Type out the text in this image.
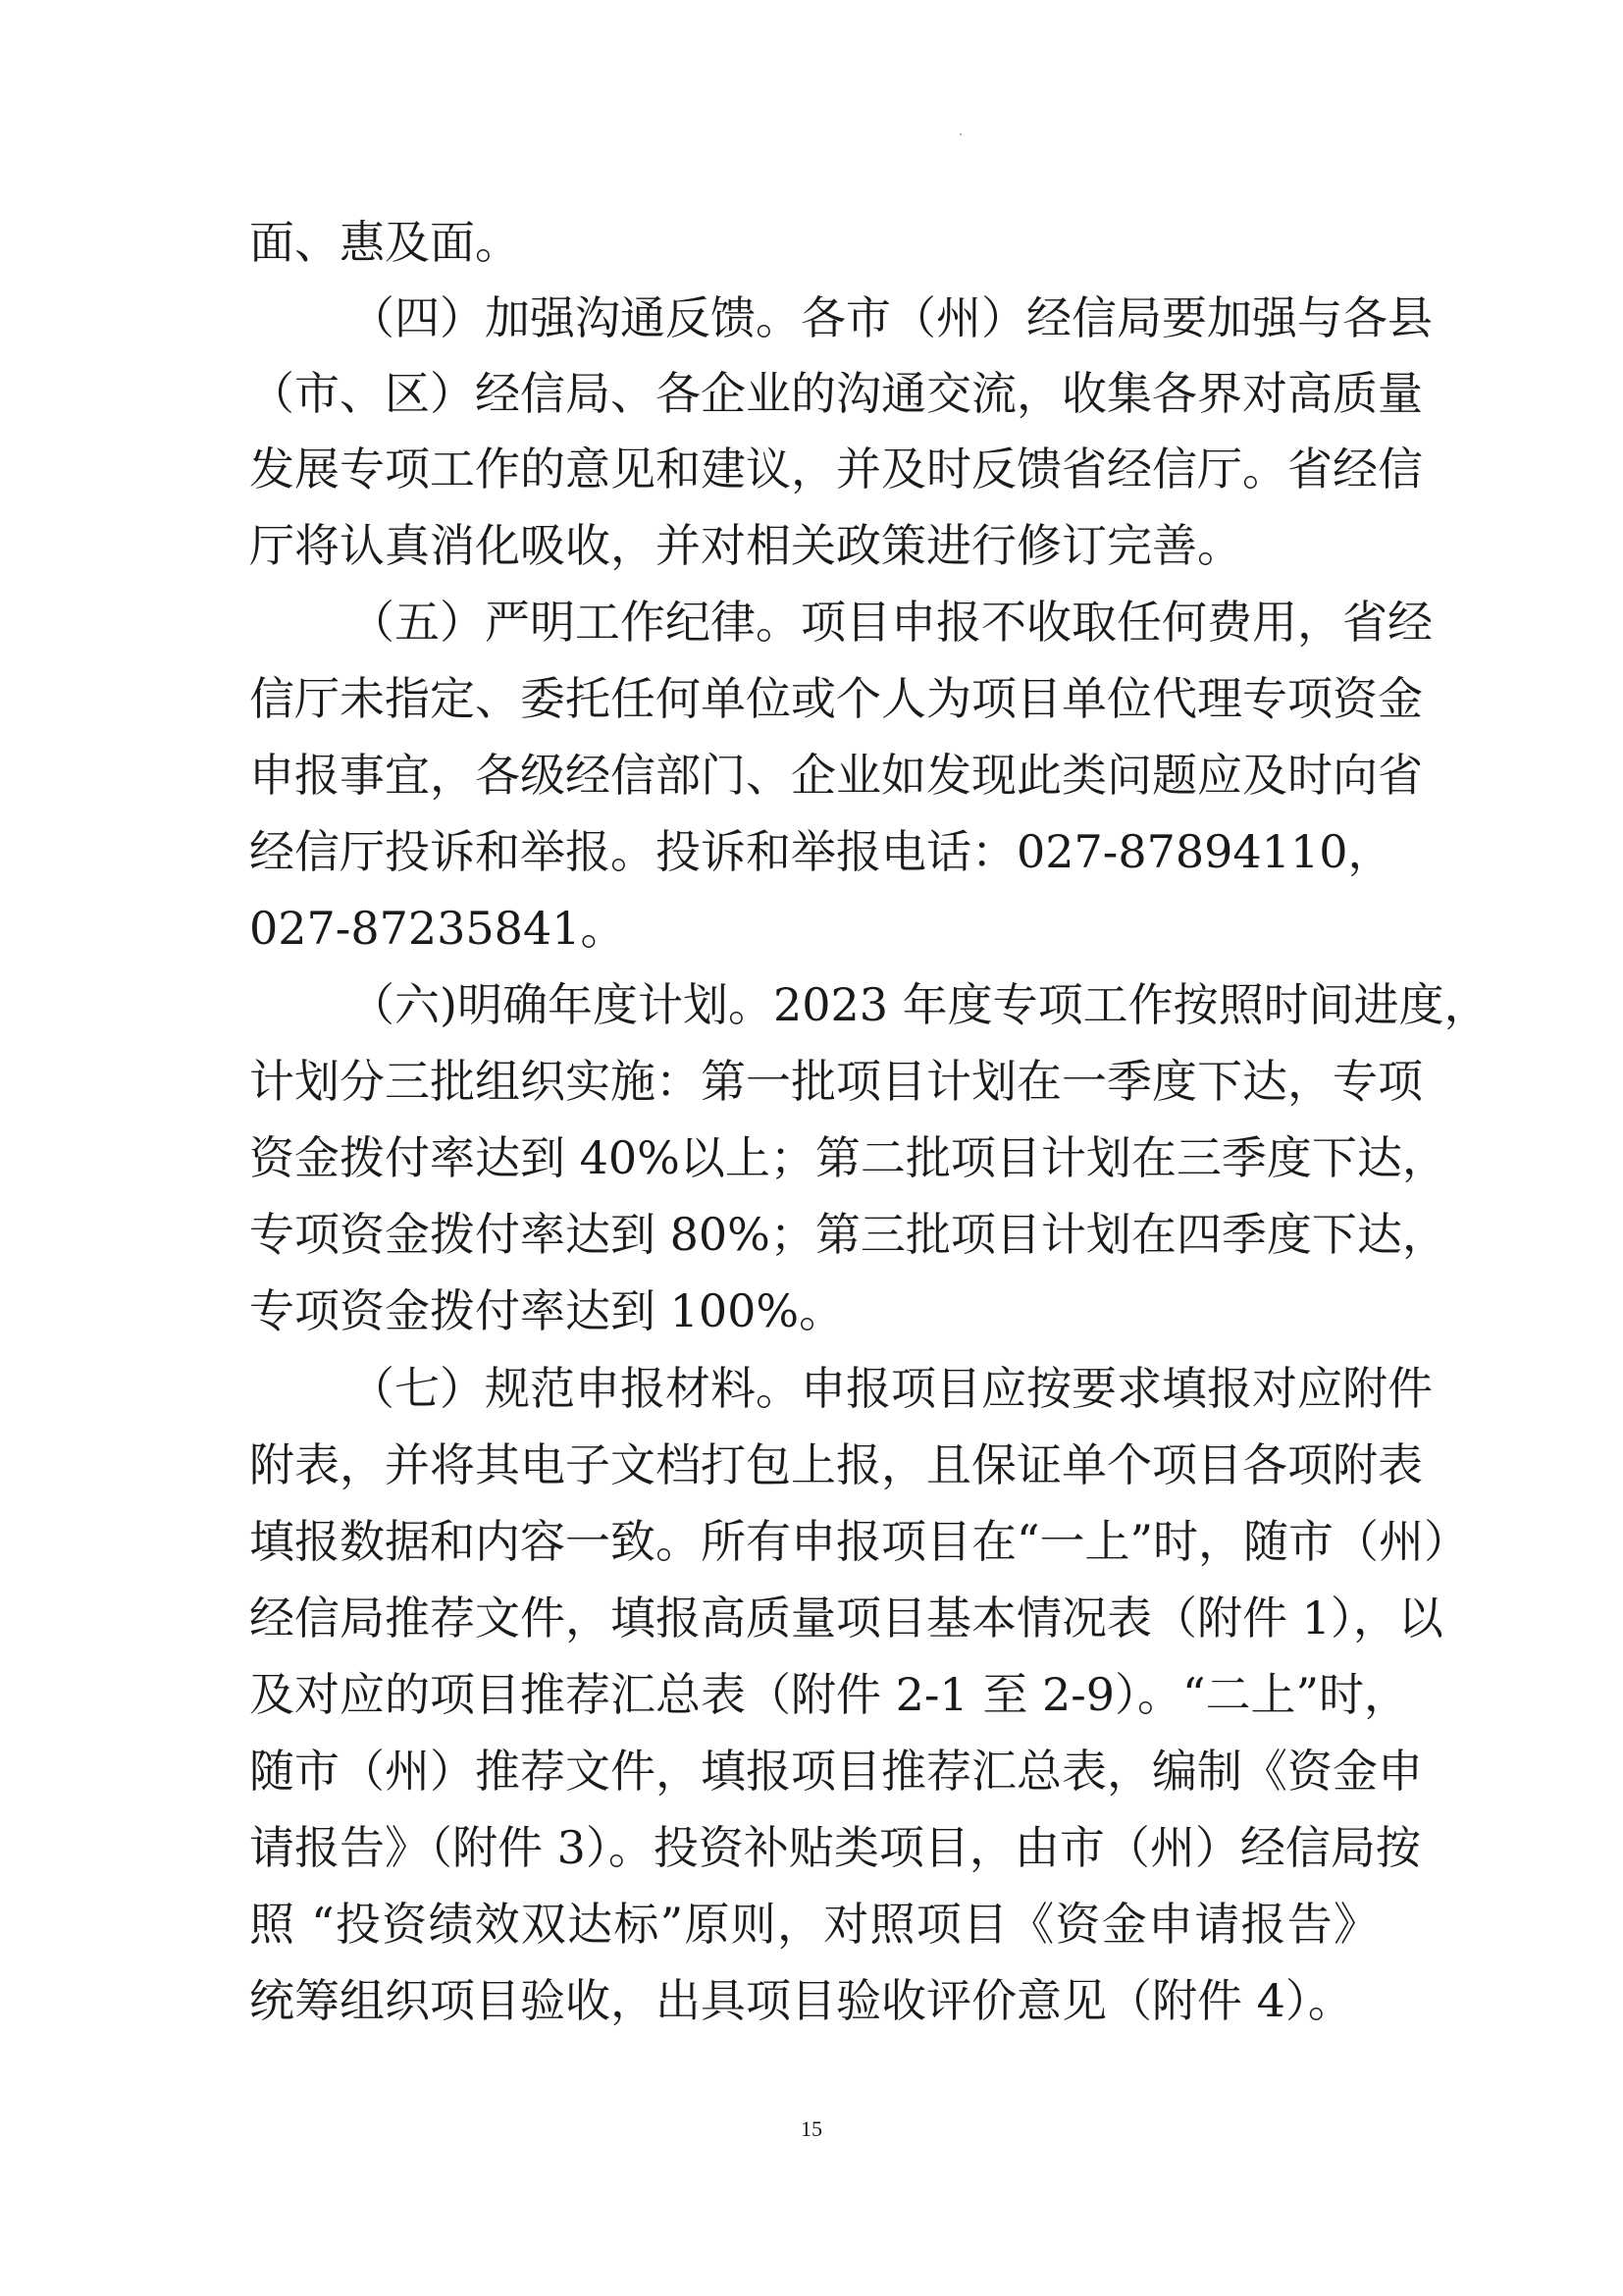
面、惠及面。
（四）加强沟通反馈。各市（州）经信局要加强与各县
（市、区）经信局、各企业的沟通交流，收集各界对高质量
发展专项工作的意见和建议，并及时反馈省经信厅。省经信
厅将认真消化吸收，并对相关政策进行修订完善。
（五）严明工作纪律。项目申报不收取任何费用，省经
信厅未指定、委托任何单位或个人为项目单位代理专项资金
申报事宜，各级经信部门、企业如发现此类问题应及时向省
经信厅投诉和举报。投诉和举报电话：027-87894110，
027-87235841。
（六)明确年度计划。2023 年度专项工作按照时间进度，
计划分三批组织实施：第一批项目计划在一季度下达，专项
资金拨付率达到 40%以上；第二批项目计划在三季度下达，
专项资金拨付率达到 80%；第三批项目计划在四季度下达，
专项资金拨付率达到 100%。
（七）规范申报材料。申报项目应按要求填报对应附件
附表，并将其电子文档打包上报，且保证单个项目各项附表
填报数据和内容一致。所有申报项目在“一上”时，随市（州）
经信局推荐文件，填报高质量项目基本情况表（附件 1），以
及对应的项目推荐汇总表（附件 2-1 至 2-9）。“二上”时，
随市（州）推荐文件，填报项目推荐汇总表，编制《资金申
请报告》（附件 3）。投资补贴类项目，由市（州）经信局按
照 “投资绩效双达标”原则，对照项目《资金申请报告》
统筹组织项目验收，出具项目验收评价意见（附件 4）。
15
